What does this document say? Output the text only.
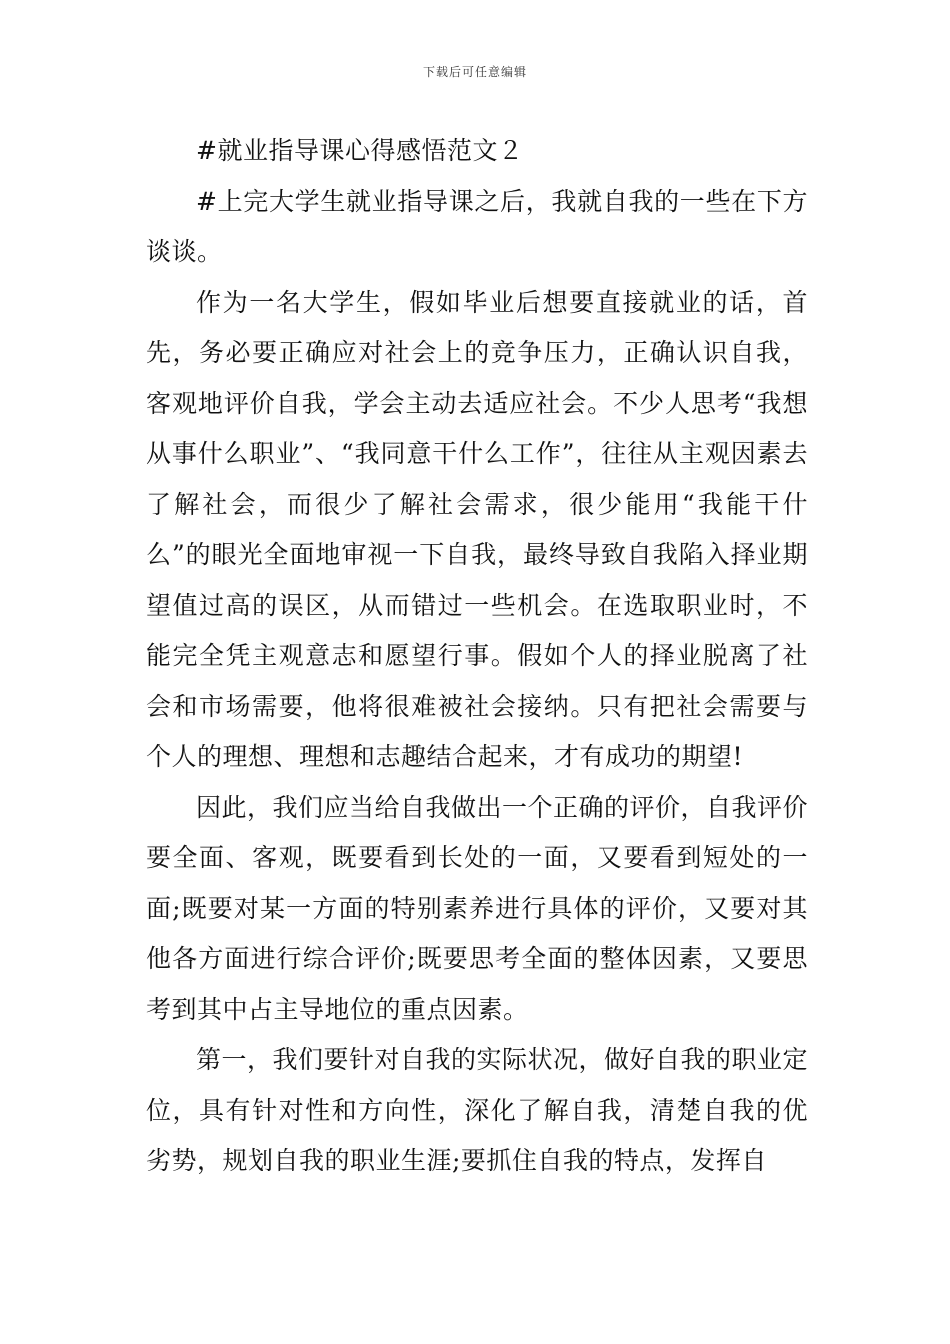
下载后可任意编辑

#就业指导课心得感悟范文２

#上完大学生就业指导课之后，我就自我的一些在下方谈谈。

作为一名大学生，假如毕业后想要直接就业的话，首先，务必要正确应对社会上的竞争压力，正确认识自我，客观地评价自我，学会主动去适应社会。不少人思考“我想从事什么职业”、“我同意干什么工作”，往往从主观因素去了解社会，而很少了解社会需求，很少能用“我能干什么”的眼光全面地审视一下自我，最终导致自我陷入择业期望值过高的误区，从而错过一些机会。在选取职业时，不能完全凭主观意志和愿望行事。假如个人的择业脱离了社会和市场需要，他将很难被社会接纳。只有把社会需要与个人的理想、理想和志趣结合起来，才有成功的期望!

因此，我们应当给自我做出一个正确的评价，自我评价要全面、客观，既要看到长处的一面，又要看到短处的一面;既要对某一方面的特别素养进行具体的评价，又要对其他各方面进行综合评价;既要思考全面的整体因素，又要思考到其中占主导地位的重点因素。

第一，我们要针对自我的实际状况，做好自我的职业定位，具有针对性和方向性，深化了解自我，清楚自我的优劣势，规划自我的职业生涯;要抓住自我的特点，发挥自
